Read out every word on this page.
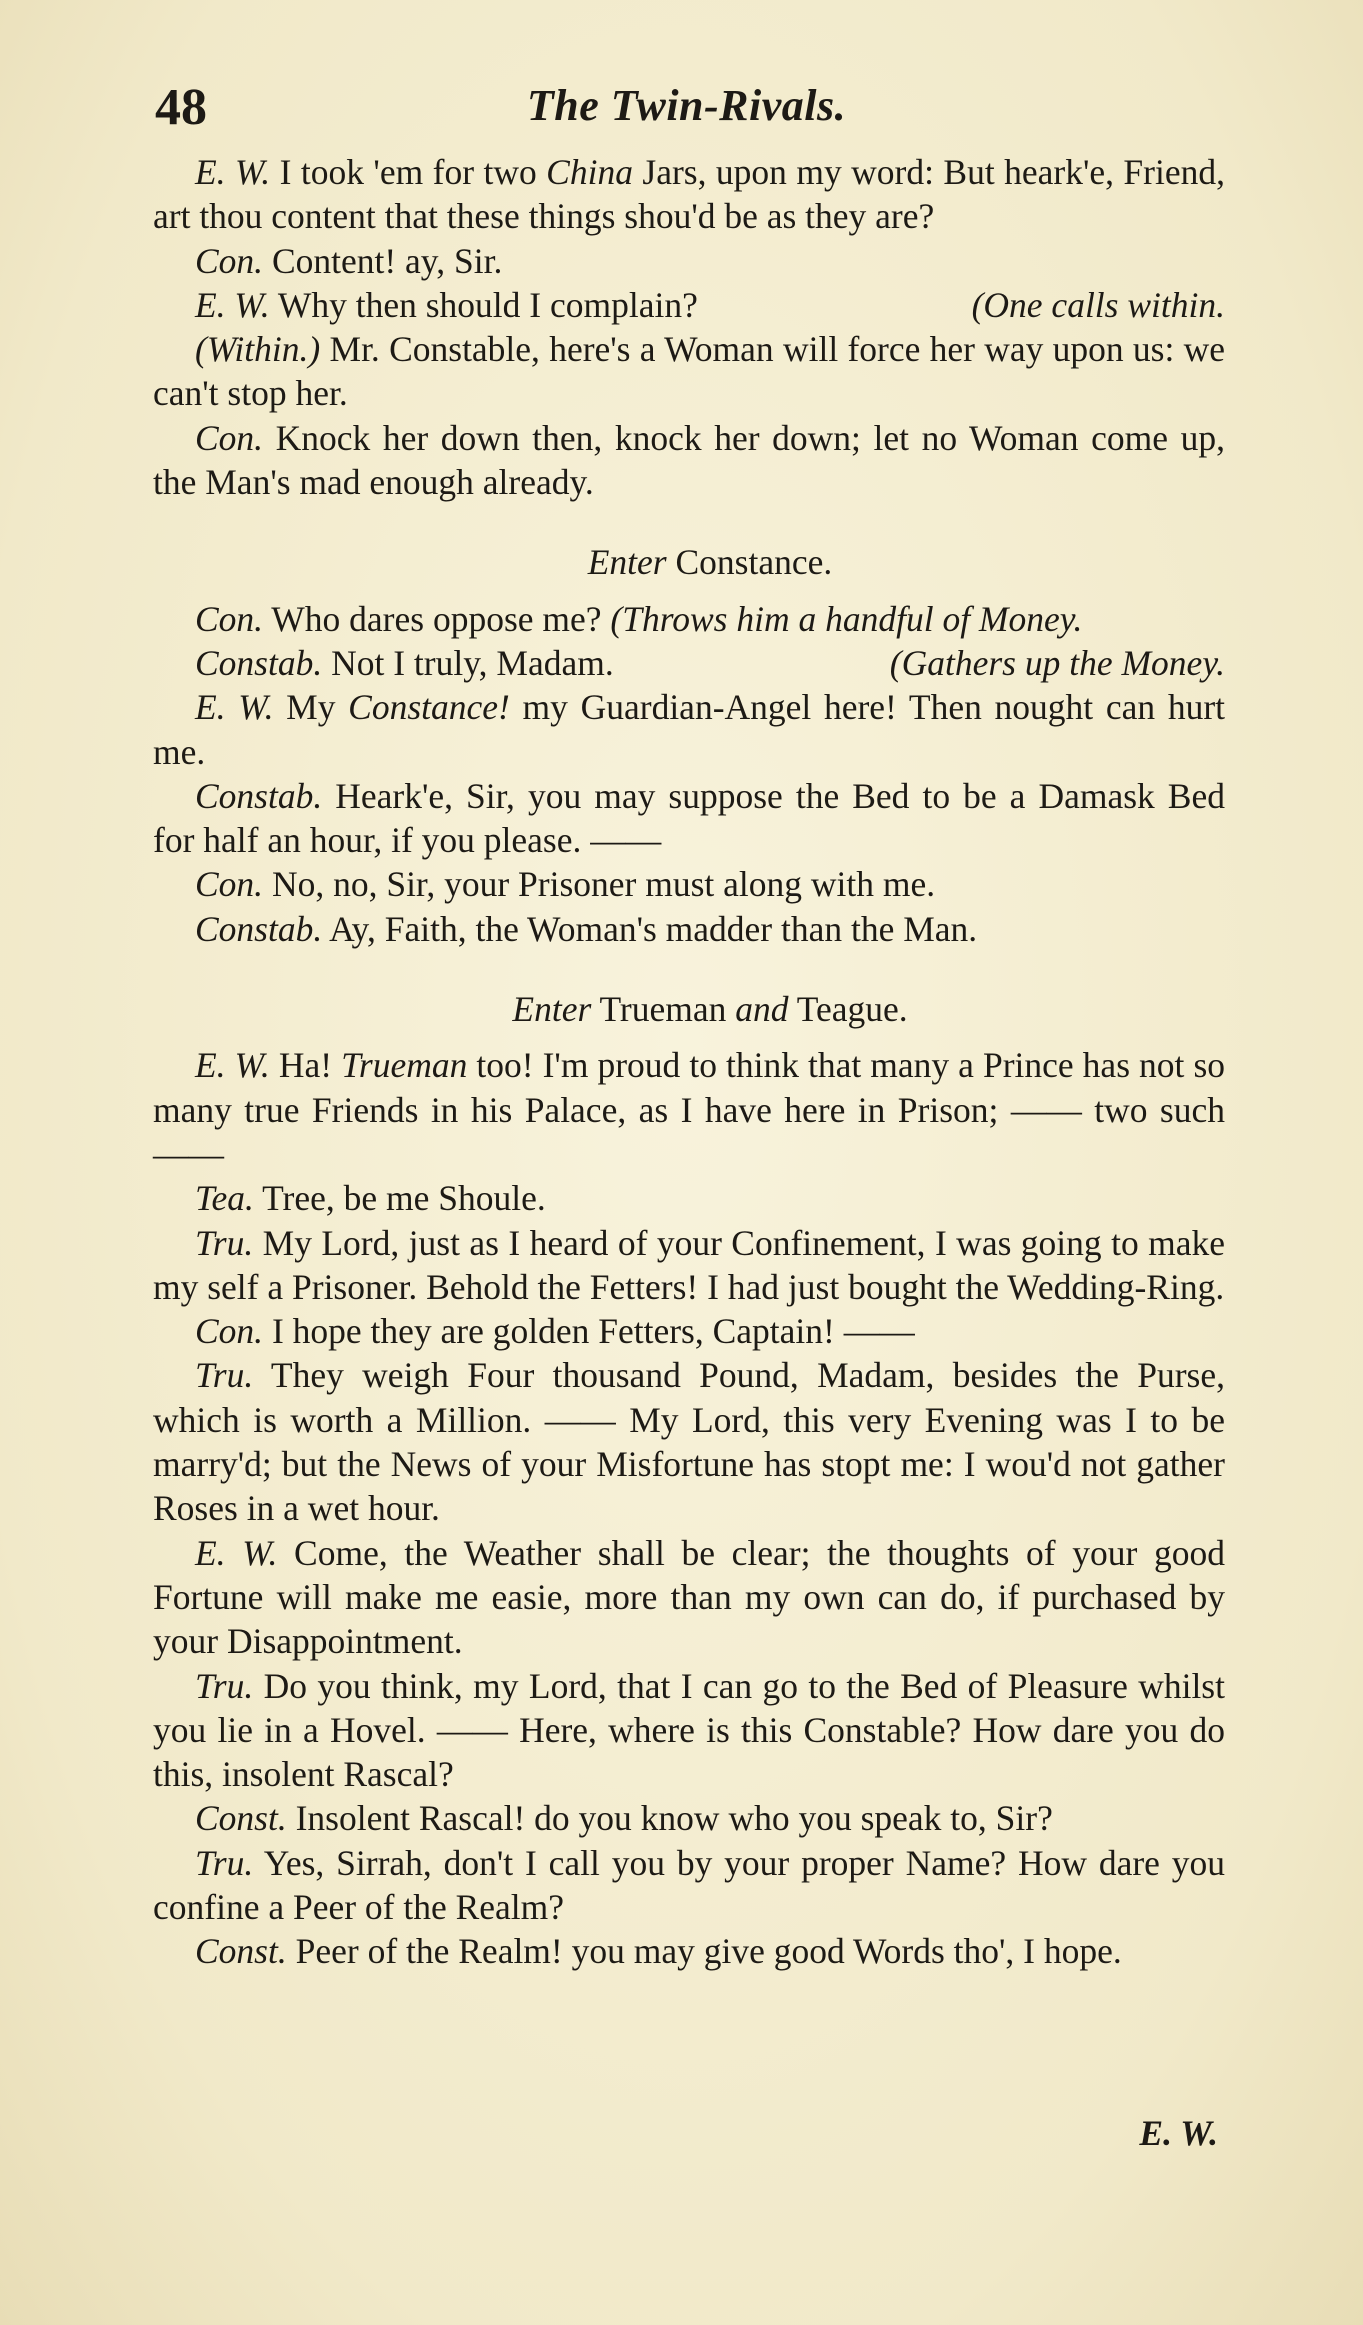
48	The Twin-Rivals.

E. W. I took 'em for two China Jars, upon my word: But heark'e, Friend, art thou content that these things shou'd be as they are?

Con. Content! ay, Sir.

(One calls within.
E. W. Why then should I complain?

(Within.) Mr. Constable, here's a Woman will force her way upon us: we can't stop her.

Con. Knock her down then, knock her down; let no Woman come up, the Man's mad enough already.

Enter Constance.

Con. Who dares oppose me? (Throws him a handful of Money.

(Gathers up the Money.
Constab. Not I truly, Madam.

E. W. My Constance! my Guardian-Angel here! Then nought can hurt me.

Constab. Heark'e, Sir, you may suppose the Bed to be a Damask Bed for half an hour, if you please. ——

Con. No, no, Sir, your Prisoner must along with me.

Constab. Ay, Faith, the Woman's madder than the Man.

Enter Trueman and Teague.

E. W. Ha! Trueman too! I'm proud to think that many a Prince has not so many true Friends in his Palace, as I have here in Prison; —— two such ——

Tea. Tree, be me Shoule.

Tru. My Lord, just as I heard of your Confinement, I was going to make my self a Prisoner. Behold the Fetters! I had just bought the Wedding-Ring.

Con. I hope they are golden Fetters, Captain! ——

Tru. They weigh Four thousand Pound, Madam, besides the Purse, which is worth a Million. —— My Lord, this very Evening was I to be marry'd; but the News of your Misfortune has stopt me: I wou'd not gather Roses in a wet hour.

E. W. Come, the Weather shall be clear; the thoughts of your good Fortune will make me easie, more than my own can do, if purchased by your Disappointment.

Tru. Do you think, my Lord, that I can go to the Bed of Pleasure whilst you lie in a Hovel. —— Here, where is this Constable? How dare you do this, insolent Rascal?

Const. Insolent Rascal! do you know who you speak to, Sir?

Tru. Yes, Sirrah, don't I call you by your proper Name? How dare you confine a Peer of the Realm?

Const. Peer of the Realm! you may give good Words tho', I hope.

E. W.
